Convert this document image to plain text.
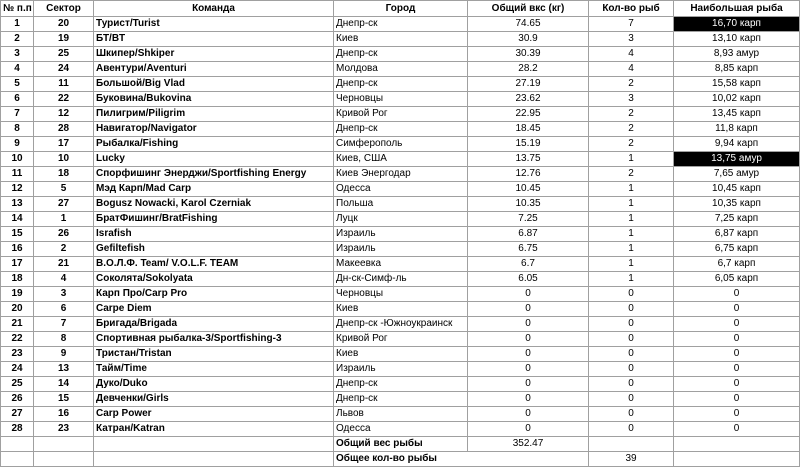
№ п.п	Сектор	Команда	Город	Общий вкс (кг)	Кол-во рыб	Наибольшая рыба
1	20	Турист/Turist	Днепр-ск	74.65	7	16,70 карп
2	19	БТ/BT	Киев	30.9	3	13,10 карп
3	25	Шкипер/Shkiper	Днепр-ск	30.39	4	8,93 амур
4	24	Авентури/Aventuri	Молдова	28.2	4	8,85 карп
5	11	Большой/Big Vlad	Днепр-ск	27.19	2	15,58 карп
6	22	Буковина/Bukovina	Черновцы	23.62	3	10,02 карп
7	12	Пилигрим/Piligrim	Кривой Рог	22.95	2	13,45 карп
8	28	Навигатор/Navigator	Днепр-ск	18.45	2	11,8 карп
9	17	Рыбалка/Fishing	Симферополь	15.19	2	9,94 карп
10	10	Lucky	Киев, США	13.75	1	13,75 амур
11	18	Спорфишинг Энерджи/Sportfishing Energy	Киев Энергодар	12.76	2	7,65 амур
12	5	Мэд Карп/Mad Carp	Одесса	10.45	1	10,45 карп
13	27	Bogusz Nowacki, Karol Czerniak	Польша	10.35	1	10,35 карп
14	1	БратФишинг/BratFishing	Луцк	7.25	1	7,25 карп
15	26	Israfish	Израиль	6.87	1	6,87 карп
16	2	Gefiltefish	Израиль	6.75	1	6,75 карп
17	21	В.О.Л.Ф. Team/ V.O.L.F. TEAM	Макеевка	6.7	1	6,7 карп
18	4	Соколята/Sokolyata	Дн-ск-Симф-ль	6.05	1	6,05 карп
19	3	Карп Про/Carp Pro	Черновцы	0	0	0
20	6	Carpe Diem	Киев	0	0	0
21	7	Бригада/Brigada	Днепр-ск -Южноукраинск	0	0	0
22	8	Спортивная рыбалка-3/Sportfishing-3	Кривой Рог	0	0	0
23	9	Тристан/Tristan	Киев	0	0	0
24	13	Тайм/Time	Израиль	0	0	0
25	14	Дуко/Duko	Днепр-ск	0	0	0
26	15	Девченки/Girls	Днепр-ск	0	0	0
27	16	Carp Power	Львов	0	0	0
28	23	Катран/Katran	Одесса	0	0	0
			Общий вес рыбы	352.47		
			Общее кол-во рыбы		39	
